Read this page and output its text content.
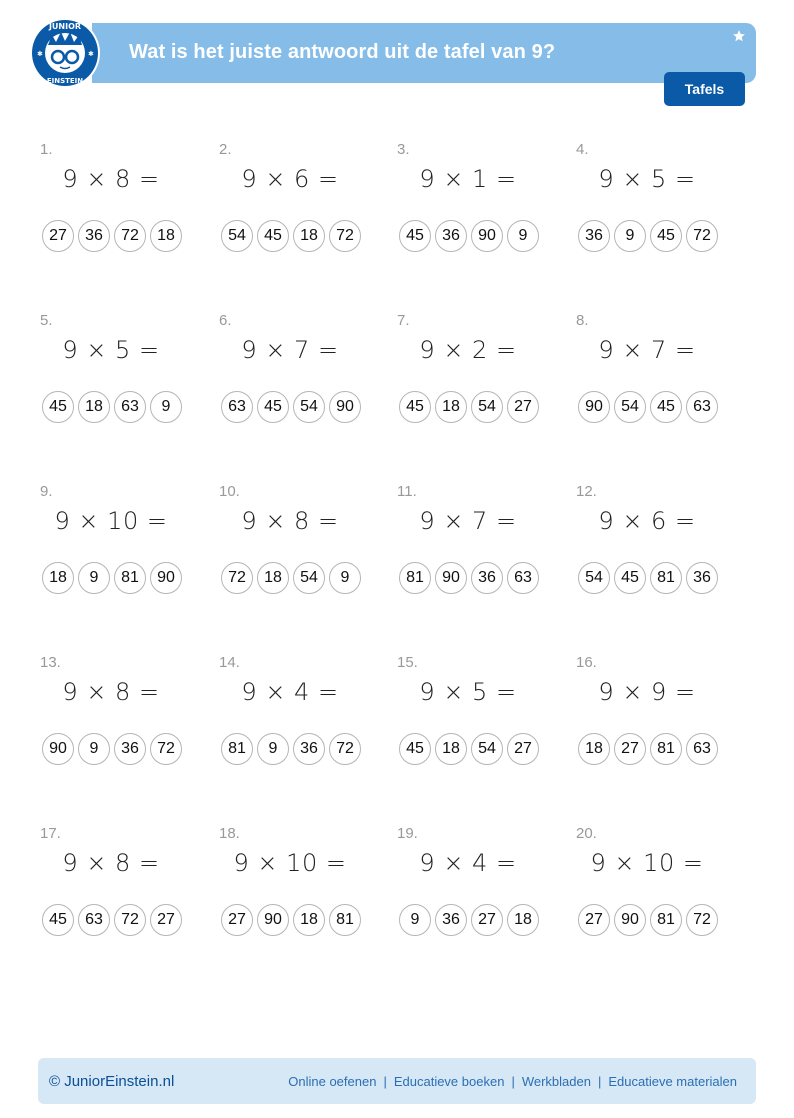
JUNIOR
EINSTEIN
✱	✱ Wat is het juiste antwoord uit de tafel van 9?
Tafels
1.
9 × 8 =
27	36	72	18
2.
9 × 6 =
54	45	18	72
3.
9 × 1 =
45	36	90	9
4.
9 × 5 =
36	9	45	72
5.
9 × 5 =
45	18	63	9
6.
9 × 7 =
63	45	54	90
7.
9 × 2 =
45	18	54	27
8.
9 × 7 =
90	54	45	63
9.
9 × 10 =
18	9	81	90
10.
9 × 8 =
72	18	54	9
11.
9 × 7 =
81	90	36	63
12.
9 × 6 =
54	45	81	36
13.
9 × 8 =
90	9	36	72
14.
9 × 4 =
81	9	36	72
15.
9 × 5 =
45	18	54	27
16.
9 × 9 =
18	27	81	63
17.
9 × 8 =
45	63	72	27
18.
9 × 10 =
27	90	18	81
19.
9 × 4 =
9	36	27	18
20.
9 × 10 =
27	90	81	72
© JuniorEinstein.nl	Online oefenen | Educatieve boeken | Werkbladen | Educatieve materialen
